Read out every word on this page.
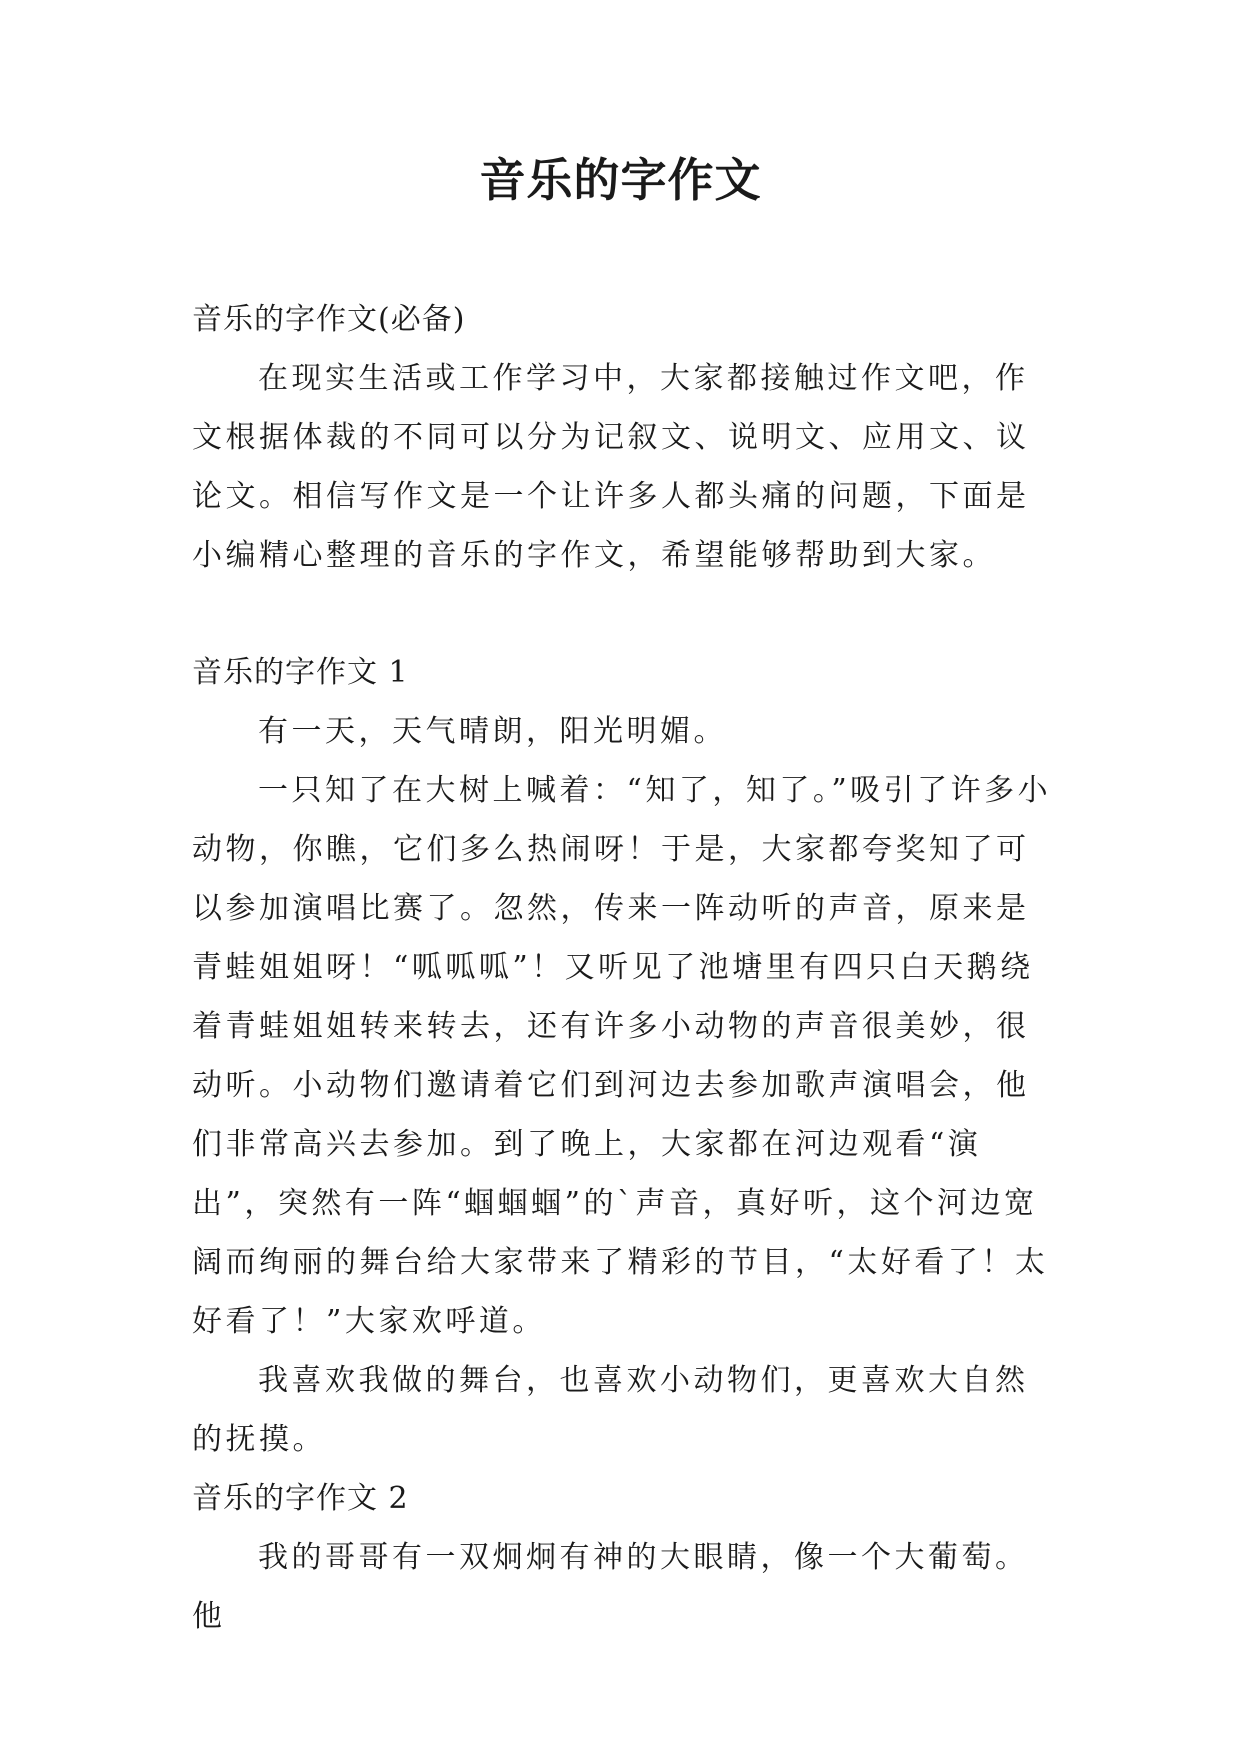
音乐的字作文

音乐的字作文(必备)

在现实生活或工作学习中，大家都接触过作文吧，作文根据体裁的不同可以分为记叙文、说明文、应用文、议论文。相信写作文是一个让许多人都头痛的问题，下面是小编精心整理的音乐的字作文，希望能够帮助到大家。

音乐的字作文 1

有一天，天气晴朗，阳光明媚。

一只知了在大树上喊着：“知了，知了。”吸引了许多小动物，你瞧，它们多么热闹呀！于是，大家都夸奖知了可以参加演唱比赛了。忽然，传来一阵动听的声音，原来是青蛙姐姐呀！“呱呱呱”！又听见了池塘里有四只白天鹅绕着青蛙姐姐转来转去，还有许多小动物的声音很美妙，很动听。小动物们邀请着它们到河边去参加歌声演唱会，他们非常高兴去参加。到了晚上，大家都在河边观看“演出”，突然有一阵“蝈蝈蝈”的`声音，真好听，这个河边宽阔而绚丽的舞台给大家带来了精彩的节目，“太好看了！太好看了！”大家欢呼道。

我喜欢我做的舞台，也喜欢小动物们，更喜欢大自然的抚摸。

音乐的字作文 2

我的哥哥有一双炯炯有神的大眼睛，像一个大葡萄。他
